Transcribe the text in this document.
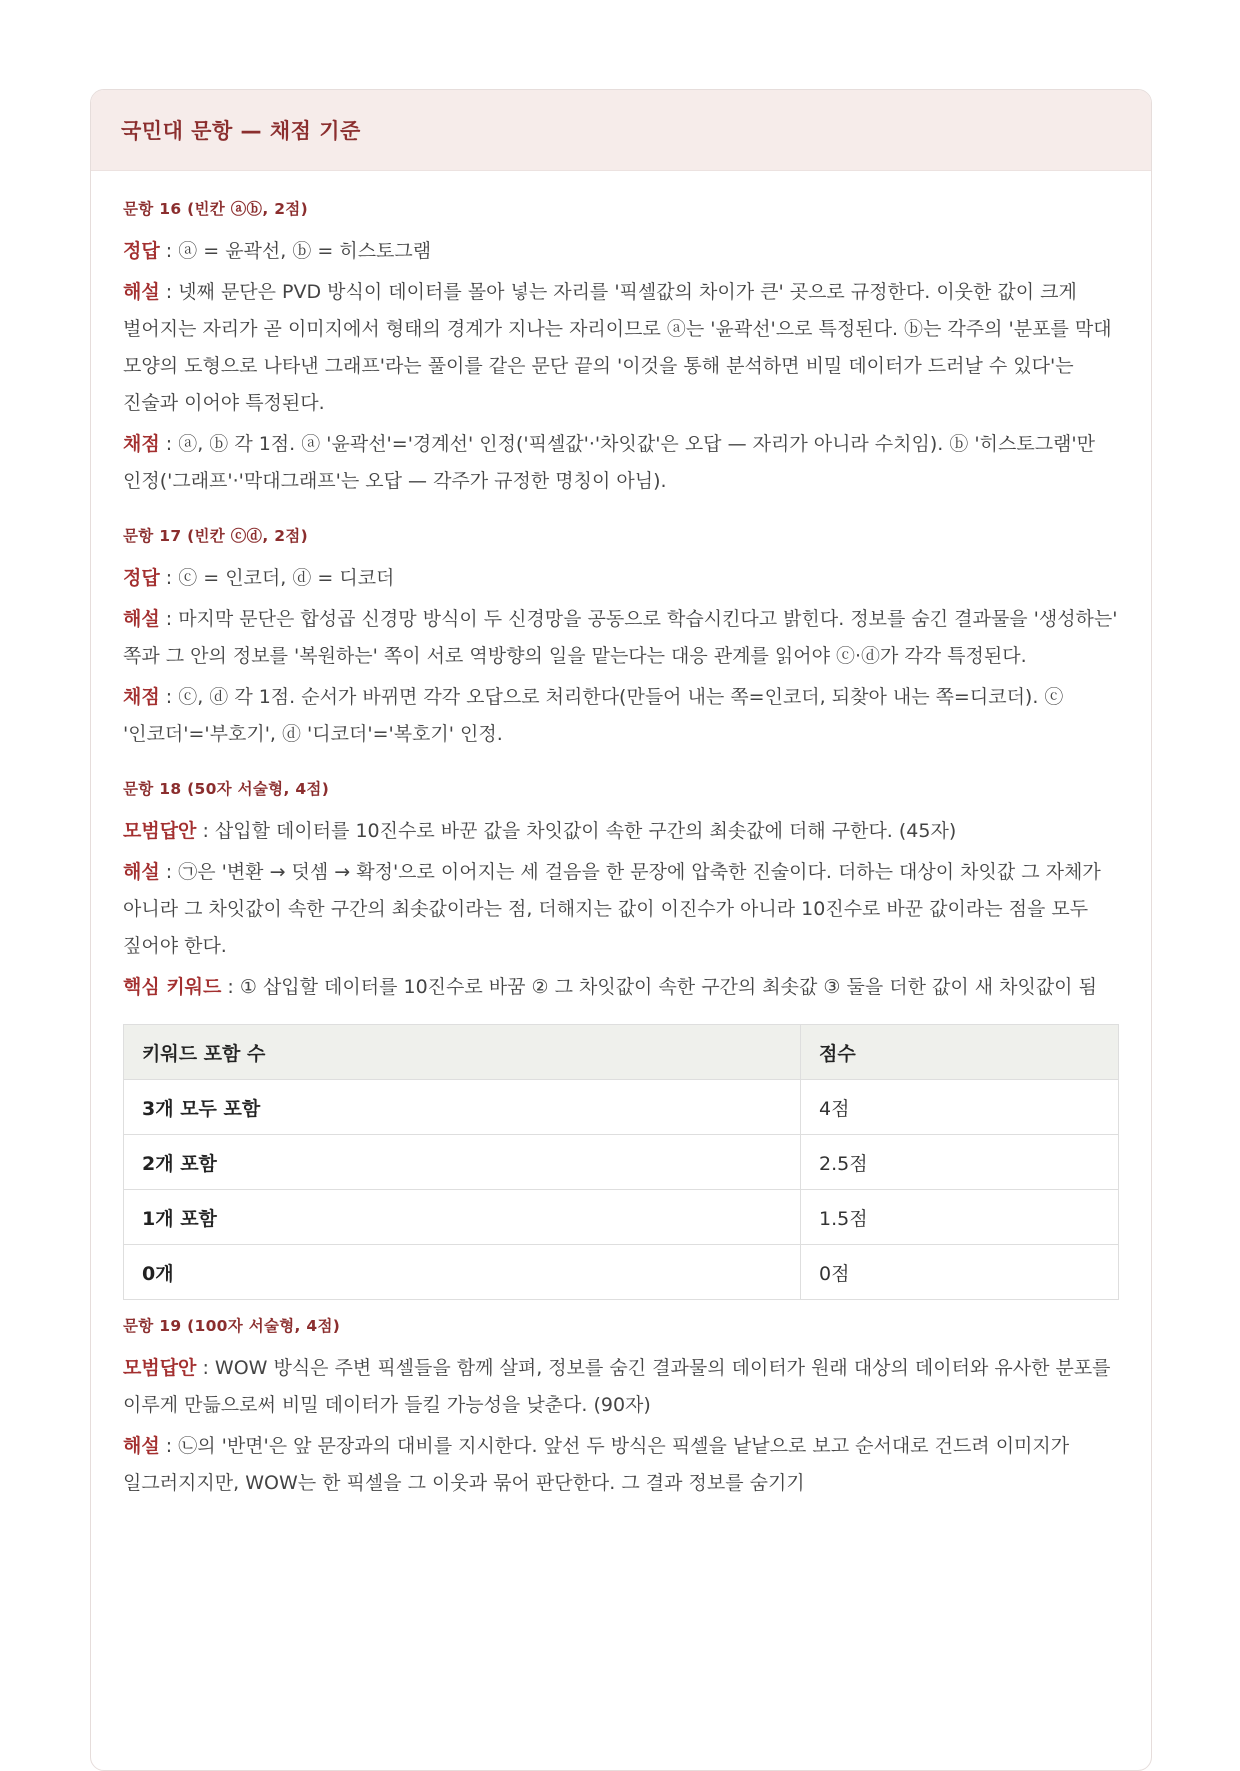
국민대 문항 — 채점 기준
문항 16 (빈칸 ⓐⓑ, 2점)

정답 : ⓐ = 윤곽선, ⓑ = 히스토그램

해설 : 넷째 문단은 PVD 방식이 데이터를 몰아 넣는 자리를 '픽셀값의 차이가 큰' 곳으로 규정한다. 이웃한 값이 크게 벌어지는 자리가 곧 이미지에서 형태의 경계가 지나는 자리이므로 ⓐ는 '윤곽선'으로 특정된다. ⓑ는 각주의 '분포를 막대 모양의 도형으로 나타낸 그래프'라는 풀이를 같은 문단 끝의 '이것을 통해 분석하면 비밀 데이터가 드러날 수 있다'는 진술과 이어야 특정된다.

채점 : ⓐ, ⓑ 각 1점. ⓐ '윤곽선'='경계선' 인정('픽셀값'·'차잇값'은 오답 — 자리가 아니라 수치임). ⓑ '히스토그램'만 인정('그래프'·'막대그래프'는 오답 — 각주가 규정한 명칭이 아님).

문항 17 (빈칸 ⓒⓓ, 2점)

정답 : ⓒ = 인코더, ⓓ = 디코더

해설 : 마지막 문단은 합성곱 신경망 방식이 두 신경망을 공동으로 학습시킨다고 밝힌다. 정보를 숨긴 결과물을 '생성하는' 쪽과 그 안의 정보를 '복원하는' 쪽이 서로 역방향의 일을 맡는다는 대응 관계를 읽어야 ⓒ·ⓓ가 각각 특정된다.

채점 : ⓒ, ⓓ 각 1점. 순서가 바뀌면 각각 오답으로 처리한다(만들어 내는 쪽=인코더, 되찾아 내는 쪽=디코더). ⓒ '인코더'='부호기', ⓓ '디코더'='복호기' 인정.

문항 18 (50자 서술형, 4점)

모범답안 : 삽입할 데이터를 10진수로 바꾼 값을 차잇값이 속한 구간의 최솟값에 더해 구한다. (45자)

해설 : ㉠은 '변환 → 덧셈 → 확정'으로 이어지는 세 걸음을 한 문장에 압축한 진술이다. 더하는 대상이 차잇값 그 자체가 아니라 그 차잇값이 속한 구간의 최솟값이라는 점, 더해지는 값이 이진수가 아니라 10진수로 바꾼 값이라는 점을 모두 짚어야 한다.

핵심 키워드 : ① 삽입할 데이터를 10진수로 바꿈 ② 그 차잇값이 속한 구간의 최솟값 ③ 둘을 더한 값이 새 차잇값이 됨

키워드 포함 수	점수
3개 모두 포함	4점
2개 포함	2.5점
1개 포함	1.5점
0개	0점
문항 19 (100자 서술형, 4점)

모범답안 : WOW 방식은 주변 픽셀들을 함께 살펴, 정보를 숨긴 결과물의 데이터가 원래 대상의 데이터와 유사한 분포를 이루게 만듦으로써 비밀 데이터가 들킬 가능성을 낮춘다. (90자)

해설 : ㉡의 '반면'은 앞 문장과의 대비를 지시한다. 앞선 두 방식은 픽셀을 낱낱으로 보고 순서대로 건드려 이미지가 일그러지지만, WOW는 한 픽셀을 그 이웃과 묶어 판단한다. 그 결과 정보를 숨기기
